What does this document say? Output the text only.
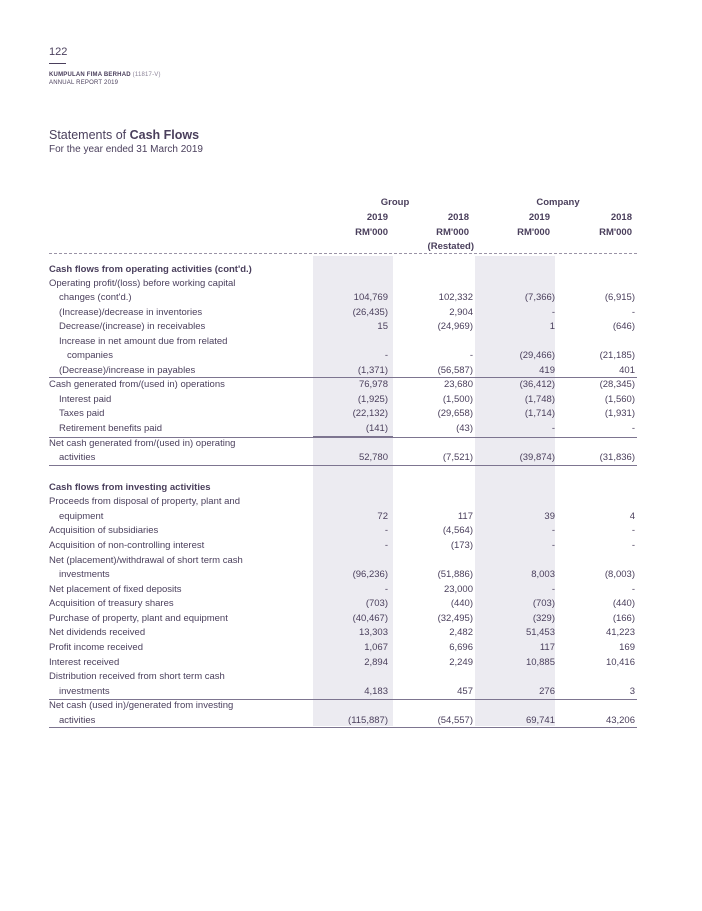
122
KUMPULAN FIMA BERHAD (11817-V)
ANNUAL REPORT 2019
Statements of Cash Flows
For the year ended 31 March 2019
Group	Company
2019	2018	2019	2018
RM'000	RM'000	RM'000	RM'000
(Restated)
Cash flows from operating activities (cont'd.)
Operating profit/(loss) before working capital
changes (cont'd.)	104,769	102,332	(7,366)	(6,915)
(Increase)/decrease in inventories	(26,435)	2,904	-	-
Decrease/(increase) in receivables	15	(24,969)	1	(646)
Increase in net amount due from related
companies	-	-	(29,466)	(21,185)
(Decrease)/increase in payables	(1,371)	(56,587)	419	401
Cash generated from/(used in) operations	76,978	23,680	(36,412)	(28,345)
Interest paid	(1,925)	(1,500)	(1,748)	(1,560)
Taxes paid	(22,132)	(29,658)	(1,714)	(1,931)
Retirement benefits paid	(141)	(43)	-	-
Net cash generated from/(used in) operating
activities	52,780	(7,521)	(39,874)	(31,836)
Cash flows from investing activities
Proceeds from disposal of property, plant and
equipment	72	117	39	4
Acquisition of subsidiaries	-	(4,564)	-	-
Acquisition of non-controlling interest	-	(173)	-	-
Net (placement)/withdrawal of short term cash
investments	(96,236)	(51,886)	8,003	(8,003)
Net placement of fixed deposits	-	23,000	-	-
Acquisition of treasury shares	(703)	(440)	(703)	(440)
Purchase of property, plant and equipment	(40,467)	(32,495)	(329)	(166)
Net dividends received	13,303	2,482	51,453	41,223
Profit income received	1,067	6,696	117	169
Interest received	2,894	2,249	10,885	10,416
Distribution received from short term cash
investments	4,183	457	276	3
Net cash (used in)/generated from investing
activities	(115,887)	(54,557)	69,741	43,206
